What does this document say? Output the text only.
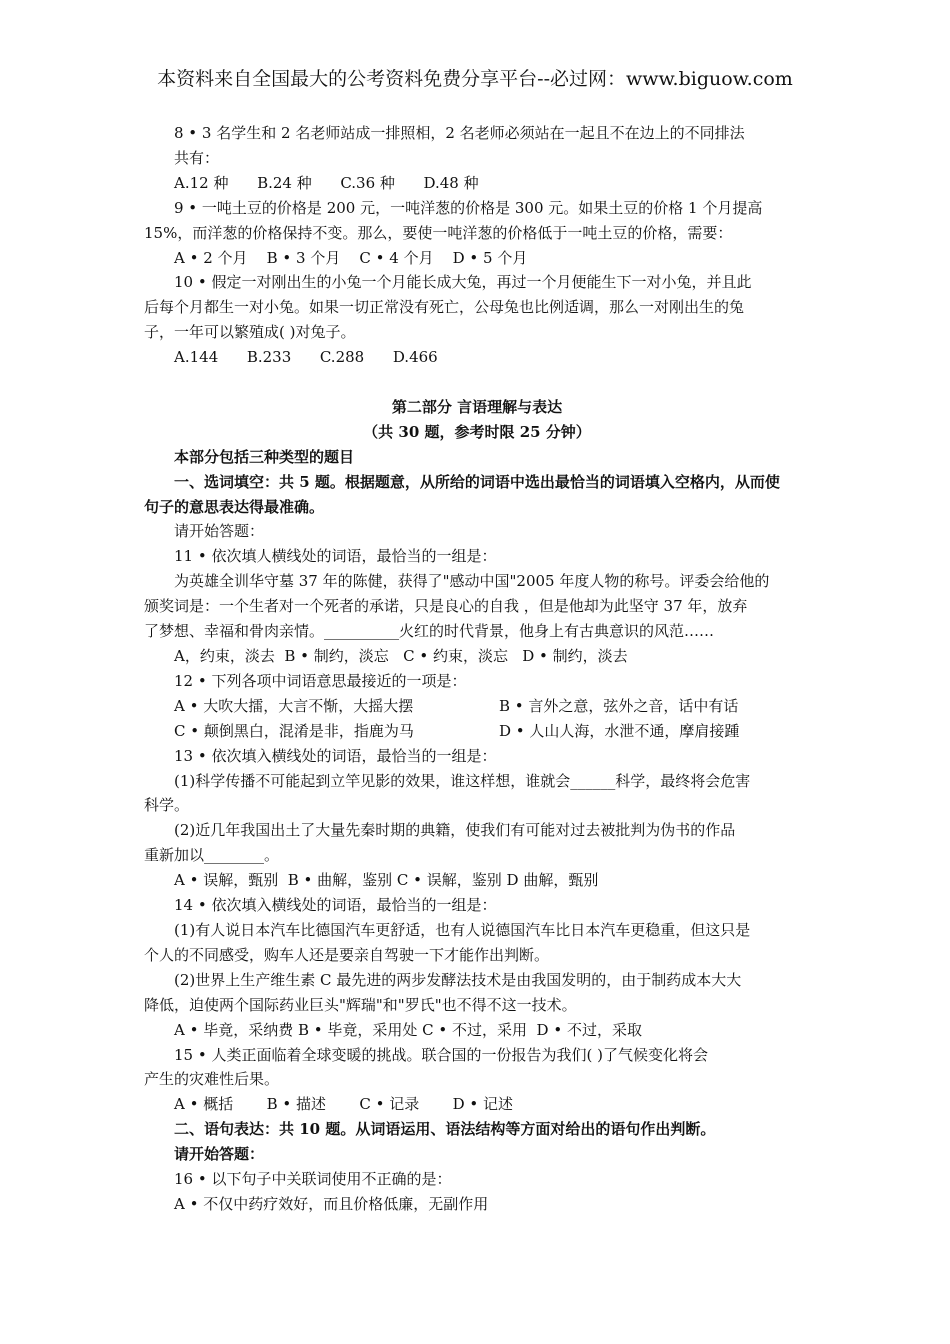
本资料来自全国最大的公考资料免费分享平台--必过网：www.biguow.com

8 • 3 名学生和 2 名老师站成一排照相，2 名老师必须站在一起且不在边上的不同排法

共有：

A.12 种      B.24 种      C.36 种      D.48 种

9 • 一吨土豆的价格是 200 元，一吨洋葱的价格是 300 元。如果土豆的价格 1 个月提高

15%，而洋葱的价格保持不变。那么，要使一吨洋葱的价格低于一吨土豆的价格，需要：

A • 2 个月    B • 3 个月    C • 4 个月    D • 5 个月

10 • 假定一对刚出生的小兔一个月能长成大兔，再过一个月便能生下一对小兔，并且此

后每个月都生一对小兔。如果一切正常没有死亡，公母兔也比例适调，那么一对刚出生的兔

子，一年可以繁殖成( )对兔子。

A.144      B.233      C.288      D.466

第二部分 言语理解与表达

（共 30 题，参考时限 25 分钟）

本部分包括三种类型的题目

一、选词填空：共 5 题。根据题意，从所给的词语中选出最恰当的词语填入空格内，从而使

句子的意思表达得最准确。

请开始答题：

11 • 依次填人横线处的词语，最恰当的一组是：

为英雄全训华守墓 37 年的陈健，获得了"感动中国"2005 年度人物的称号。评委会给他的

颁奖词是：一个生者对一个死者的承诺，只是良心的自我 ，但是他却为此坚守 37 年，放弃

了梦想、幸福和骨肉亲情。__________火红的时代背景，他身上有古典意识的风范……

A，约束，淡去  B • 制约，淡忘   C • 约束，淡忘   D • 制约，淡去

12 • 下列各项中词语意思最接近的一项是：

A • 大吹大擂，大言不惭，大摇大摆	B • 言外之意，弦外之音，话中有话
C • 颠倒黑白，混淆是非，指鹿为马	D • 人山人海，水泄不通，摩肩接踵

13 • 依次填入横线处的词语，最恰当的一组是：

(1)科学传播不可能起到立竿见影的效果，谁这样想，谁就会______科学，最终将会危害

科学。

(2)近几年我国出土了大量先秦时期的典籍，使我们有可能对过去被批判为伪书的作品

重新加以________。

A • 误解，甄别  B • 曲解，鉴别 C • 误解，鉴别 D 曲解，甄别

14 • 依次填入横线处的词语，最恰当的一组是：

(1)有人说日本汽车比德国汽车更舒适，也有人说德国汽车比日本汽车更稳重，但这只是

个人的不同感受，购车人还是要亲自驾驶一下才能作出判断。

(2)世界上生产维生素 C 最先进的两步发酵法技术是由我国发明的，由于制药成本大大

降低，迫使两个国际药业巨头"辉瑞"和"罗氏"也不得不这一技术。

A • 毕竟，采纳费 B • 毕竟，采用处 C • 不过，采用  D • 不过，采取

15 • 人类正面临着全球变暖的挑战。联合国的一份报告为我们( )了气候变化将会

产生的灾难性后果。

A • 概括       B • 描述       C • 记录       D • 记述

二、语句表达：共 10 题。从词语运用、语法结构等方面对给出的语句作出判断。

请开始答题：

16 • 以下句子中关联词使用不正确的是：

A • 不仅中药疗效好，而且价格低廉，无副作用
